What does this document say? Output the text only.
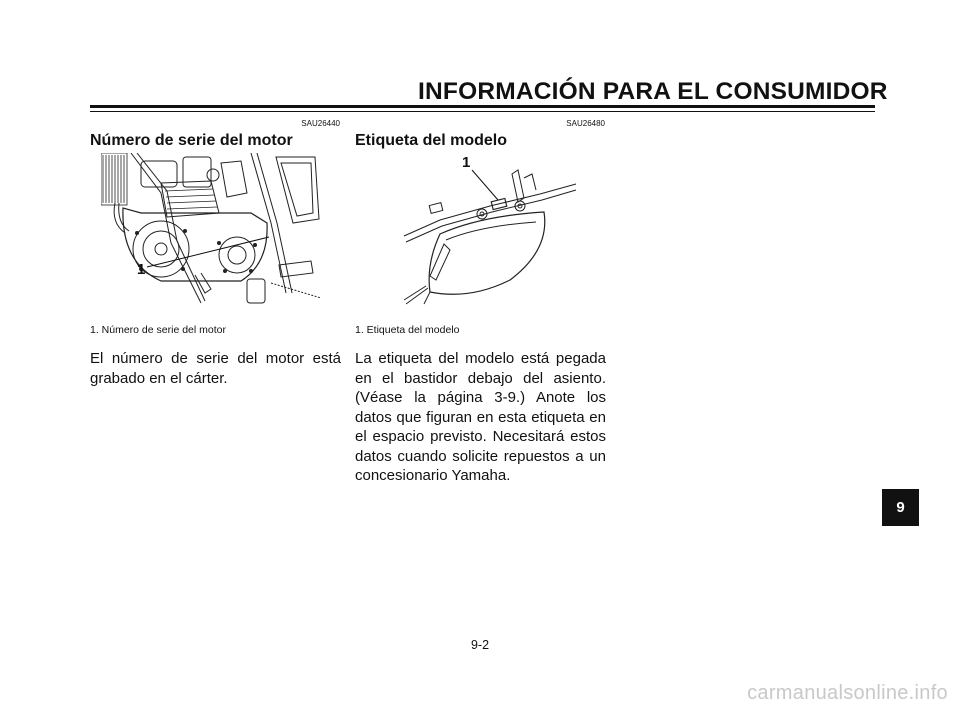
INFORMACIÓN PARA EL CONSUMIDOR
SAU26440
Número de serie del motor
1
1. Número de serie del motor
El número de serie del motor está grabado en el cárter.
SAU26480
Etiqueta del modelo
1
1. Etiqueta del modelo
La etiqueta del modelo está pegada en el bastidor debajo del asiento. (Véase la página 3-9.) Anote los datos que figuran en esta etiqueta en el espacio previsto. Necesitará estos datos cuando solicite repuestos a un concesionario Yamaha.
9
9-2
carmanualsonline.info
